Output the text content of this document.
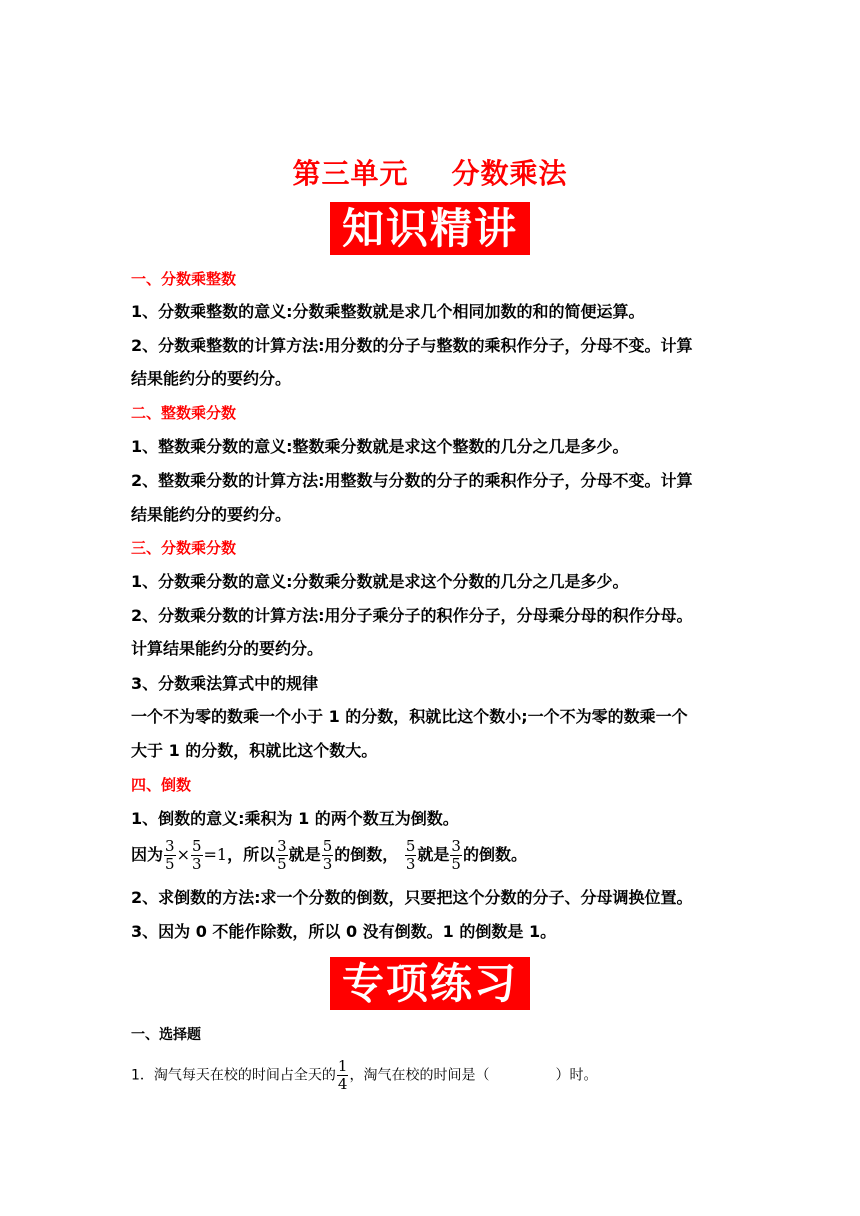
第三单元    分数乘法
知识精讲
一、分数乘整数
1、分数乘整数的意义:分数乘整数就是求几个相同加数的和的简便运算。
2、分数乘整数的计算方法:用分数的分子与整数的乘积作分子，分母不变。计算
结果能约分的要约分。
二、整数乘分数
1、整数乘分数的意义:整数乘分数就是求这个整数的几分之几是多少。
2、整数乘分数的计算方法:用整数与分数的分子的乘积作分子，分母不变。计算
结果能约分的要约分。
三、分数乘分数
1、分数乘分数的意义:分数乘分数就是求这个分数的几分之几是多少。
2、分数乘分数的计算方法:用分子乘分子的积作分子，分母乘分母的积作分母。
计算结果能约分的要约分。
3、分数乘法算式中的规律
一个不为零的数乘一个小于 1 的分数，积就比这个数小;一个不为零的数乘一个
大于 1 的分数，积就比这个数大。
四、倒数
1、倒数的意义:乘积为 1 的两个数互为倒数。
因为 $\frac{3}{5} \times \frac{5}{3} =1$，所以 $\frac{3}{5}$ 就是 $\frac{5}{3}$ 的倒数， $\frac{5}{3}$ 就是 $\frac{3}{5}$ 的倒数。
2、求倒数的方法:求一个分数的倒数，只要把这个分数的分子、分母调换位置。
3、因为 0 不能作除数，所以 0 没有倒数。1 的倒数是 1。
专项练习
一、选择题
1．淘气每天在校的时间占全天的 $\frac{1}{4}$ ，淘气在校的时间是（	）时。
